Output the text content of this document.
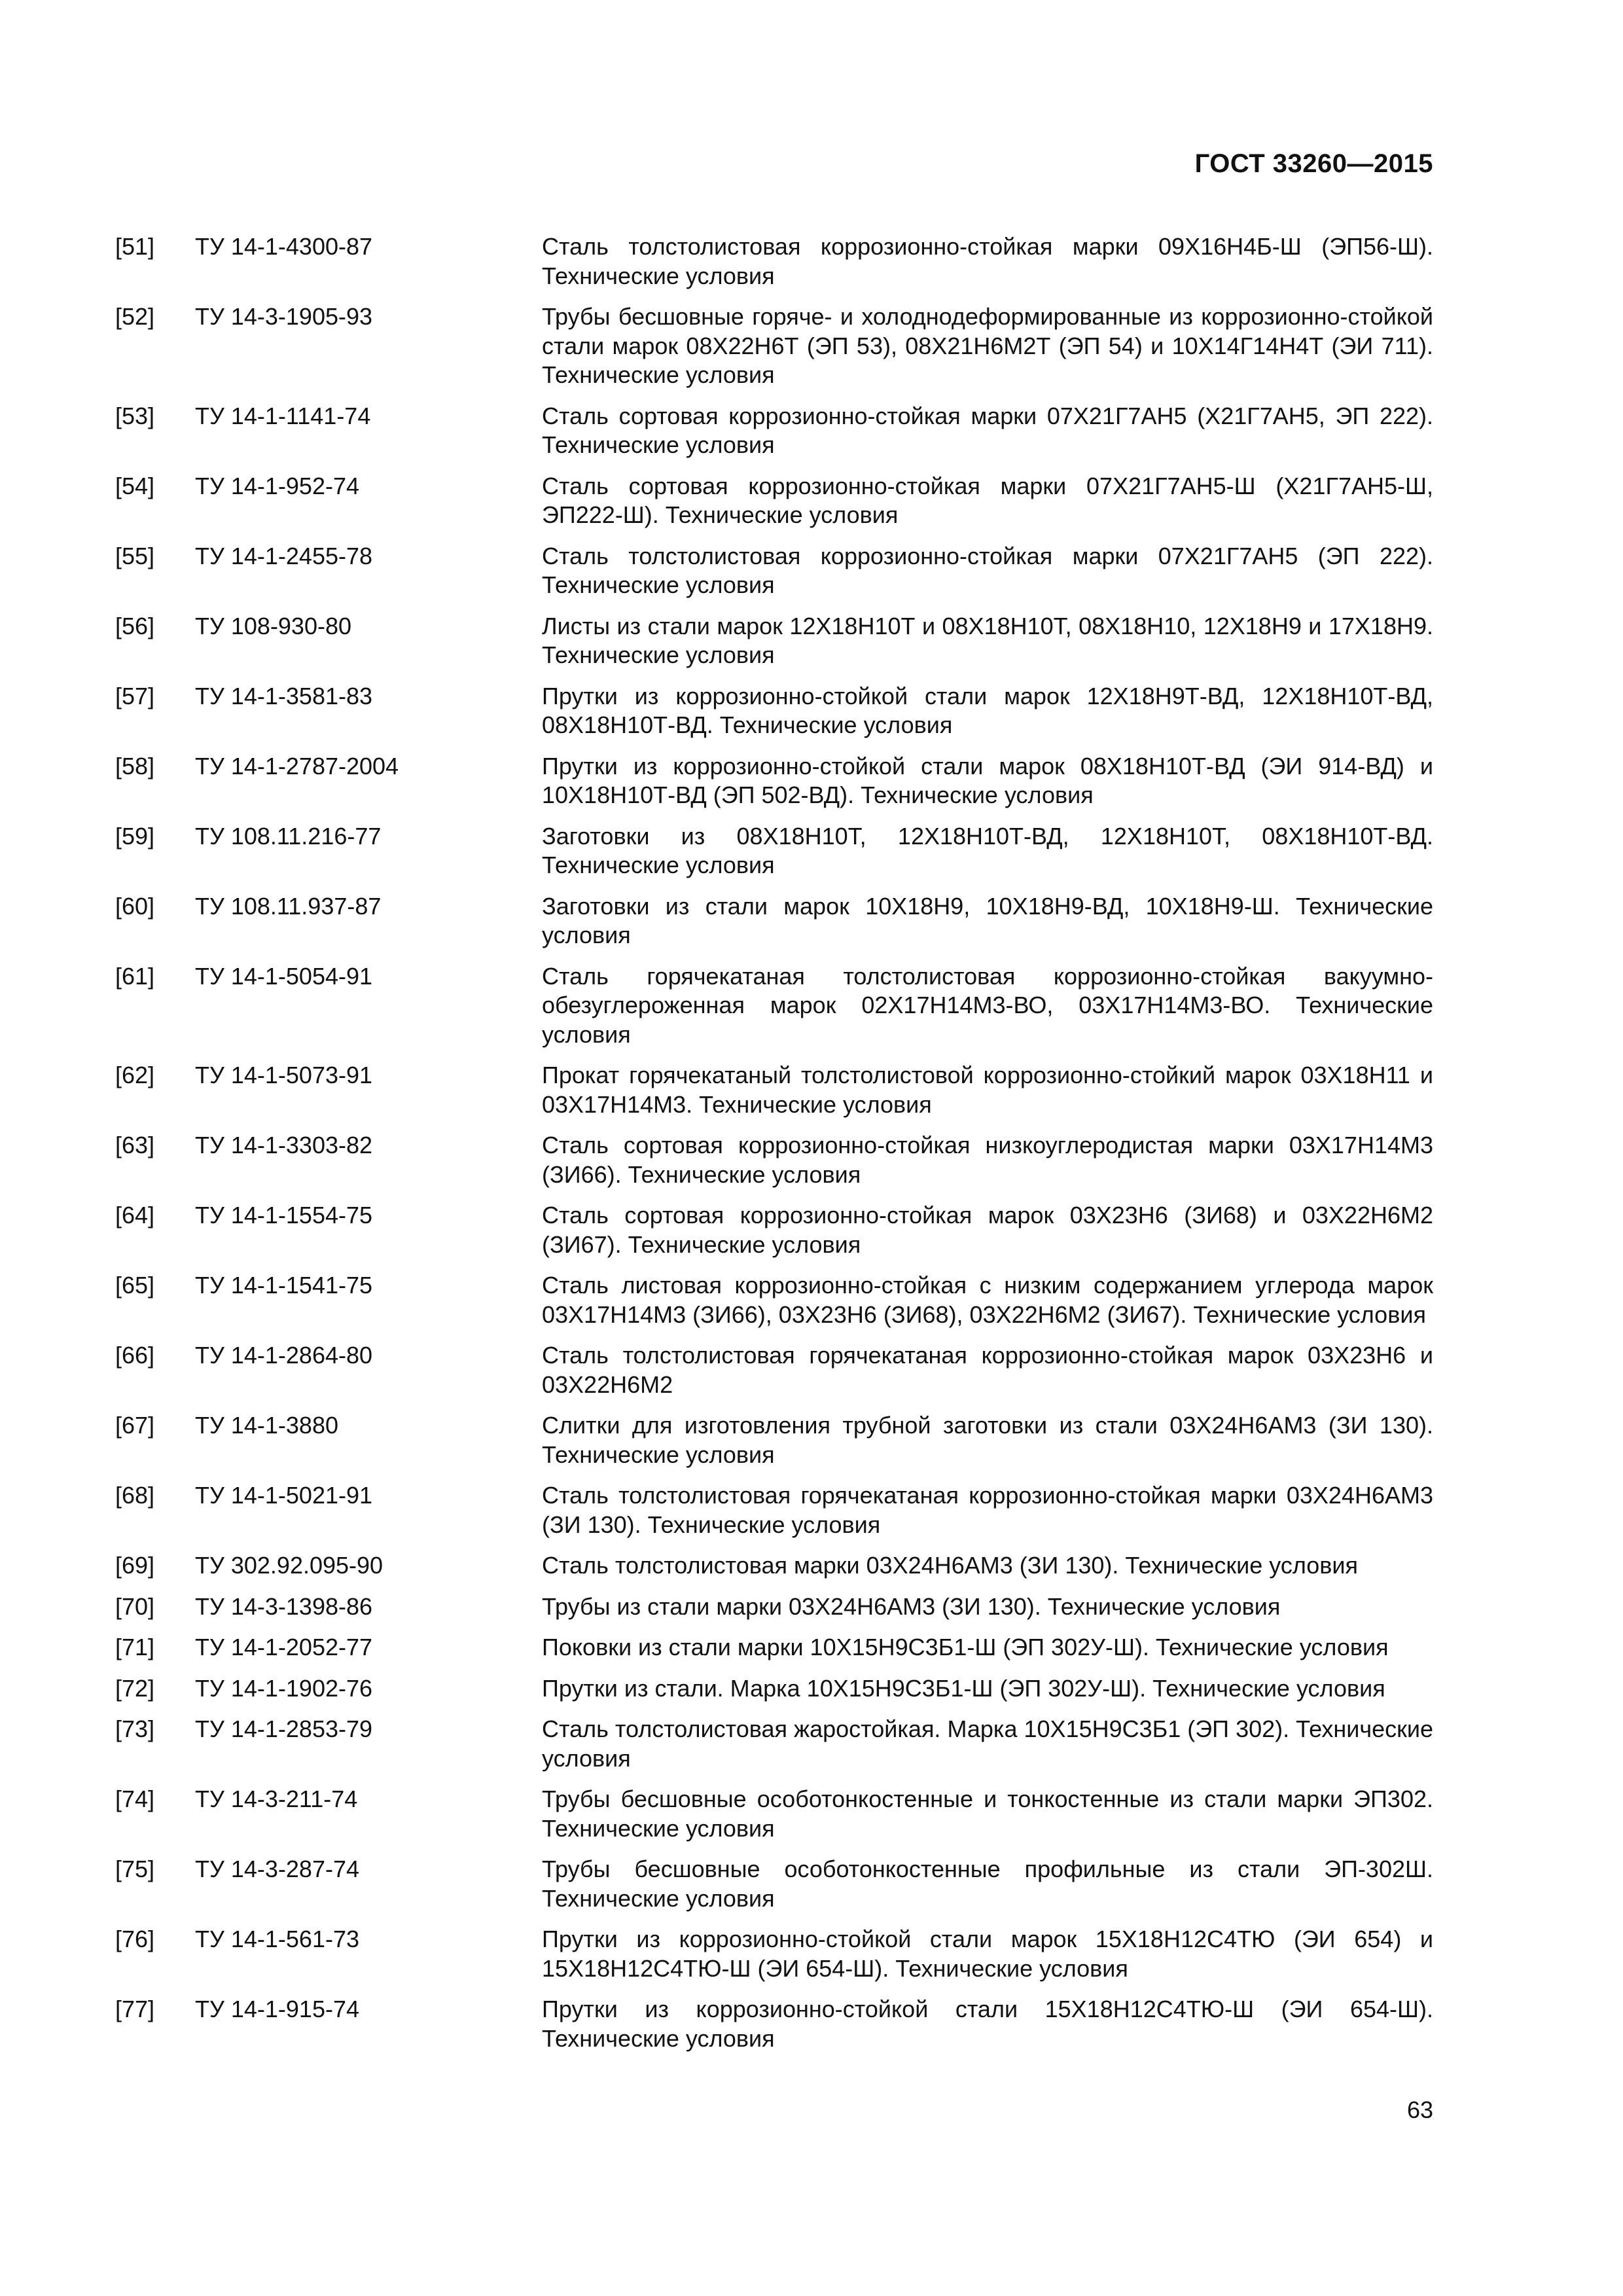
ГОСТ 33260—2015
[51]	ТУ 14-1-4300-87	Сталь толстолистовая коррозионно-стойкая марки 09Х16Н4Б-Ш (ЭП56-Ш). Технические условия
[52]	ТУ 14-3-1905-93	Трубы бесшовные горяче- и холоднодеформированные из коррозионно-стойкой стали марок 08Х22Н6Т (ЭП 53), 08Х21Н6М2Т (ЭП 54) и 10Х14Г14Н4Т (ЭИ 711). Технические условия
[53]	ТУ 14-1-1141-74	Сталь сортовая коррозионно-стойкая марки 07Х21Г7АН5 (Х21Г7АН5, ЭП 222). Технические условия
[54]	ТУ 14-1-952-74	Сталь сортовая коррозионно-стойкая марки 07Х21Г7АН5-Ш (Х21Г7АН5-Ш, ЭП222-Ш). Технические условия
[55]	ТУ 14-1-2455-78	Сталь толстолистовая коррозионно-стойкая марки 07Х21Г7АН5 (ЭП 222). Технические условия
[56]	ТУ 108-930-80	Листы из стали марок 12Х18Н10Т и 08Х18Н10Т, 08Х18Н10, 12Х18Н9 и 17Х18Н9. Технические условия
[57]	ТУ 14-1-3581-83	Прутки из коррозионно-стойкой стали марок 12Х18Н9Т-ВД, 12Х18Н10Т-ВД, 08Х18Н10Т-ВД. Технические условия
[58]	ТУ 14-1-2787-2004	Прутки из коррозионно-стойкой стали марок 08Х18Н10Т-ВД (ЭИ 914-ВД) и 10Х18Н10Т-ВД (ЭП 502-ВД). Технические условия
[59]	ТУ 108.11.216-77	Заготовки из 08Х18Н10Т, 12Х18Н10Т-ВД, 12Х18Н10Т, 08Х18Н10Т-ВД. Технические условия
[60]	ТУ 108.11.937-87	Заготовки из стали марок 10Х18Н9, 10Х18Н9-ВД, 10Х18Н9-Ш. Технические условия
[61]	ТУ 14-1-5054-91	Сталь горячекатаная толстолистовая коррозионно-стойкая вакуумно-обезуглероженная марок 02Х17Н14М3-ВО, 03Х17Н14М3-ВО. Технические условия
[62]	ТУ 14-1-5073-91	Прокат горячекатаный толстолистовой коррозионно-стойкий марок 03Х18Н11 и 03Х17Н14М3. Технические условия
[63]	ТУ 14-1-3303-82	Сталь сортовая коррозионно-стойкая низкоуглеродистая марки 03Х17Н14М3 (ЗИ66). Технические условия
[64]	ТУ 14-1-1554-75	Сталь сортовая коррозионно-стойкая марок 03Х23Н6 (ЗИ68) и 03Х22Н6М2 (ЗИ67). Технические условия
[65]	ТУ 14-1-1541-75	Сталь листовая коррозионно-стойкая с низким содержанием углерода марок 03Х17Н14М3 (ЗИ66), 03Х23Н6 (ЗИ68), 03Х22Н6М2 (ЗИ67). Технические условия
[66]	ТУ 14-1-2864-80	Сталь толстолистовая горячекатаная коррозионно-стойкая марок 03Х23Н6 и 03Х22Н6М2
[67]	ТУ 14-1-3880	Слитки для изготовления трубной заготовки из стали 03Х24Н6АМ3 (ЗИ 130). Технические условия
[68]	ТУ 14-1-5021-91	Сталь толстолистовая горячекатаная коррозионно-стойкая марки 03Х24Н6АМ3 (ЗИ 130). Технические условия
[69]	ТУ 302.92.095-90	Сталь толстолистовая марки 03Х24Н6АМ3 (ЗИ 130). Технические условия
[70]	ТУ 14-3-1398-86	Трубы из стали марки 03Х24Н6АМ3 (ЗИ 130). Технические условия
[71]	ТУ 14-1-2052-77	Поковки из стали марки 10Х15Н9С3Б1-Ш (ЭП 302У-Ш). Технические условия
[72]	ТУ 14-1-1902-76	Прутки из стали. Марка 10Х15Н9С3Б1-Ш (ЭП 302У-Ш). Технические условия
[73]	ТУ 14-1-2853-79	Сталь толстолистовая жаростойкая. Марка 10Х15Н9С3Б1 (ЭП 302). Технические условия
[74]	ТУ 14-3-211-74	Трубы бесшовные особотонкостенные и тонкостенные из стали марки ЭП302. Технические условия
[75]	ТУ 14-3-287-74	Трубы бесшовные особотонкостенные профильные из стали ЭП-302Ш. Технические условия
[76]	ТУ 14-1-561-73	Прутки из коррозионно-стойкой стали марок 15Х18Н12С4ТЮ (ЭИ 654) и 15Х18Н12С4ТЮ-Ш (ЭИ 654-Ш). Технические условия
[77]	ТУ 14-1-915-74	Прутки из коррозионно-стойкой стали 15Х18Н12С4ТЮ-Ш (ЭИ 654-Ш). Технические условия
63
